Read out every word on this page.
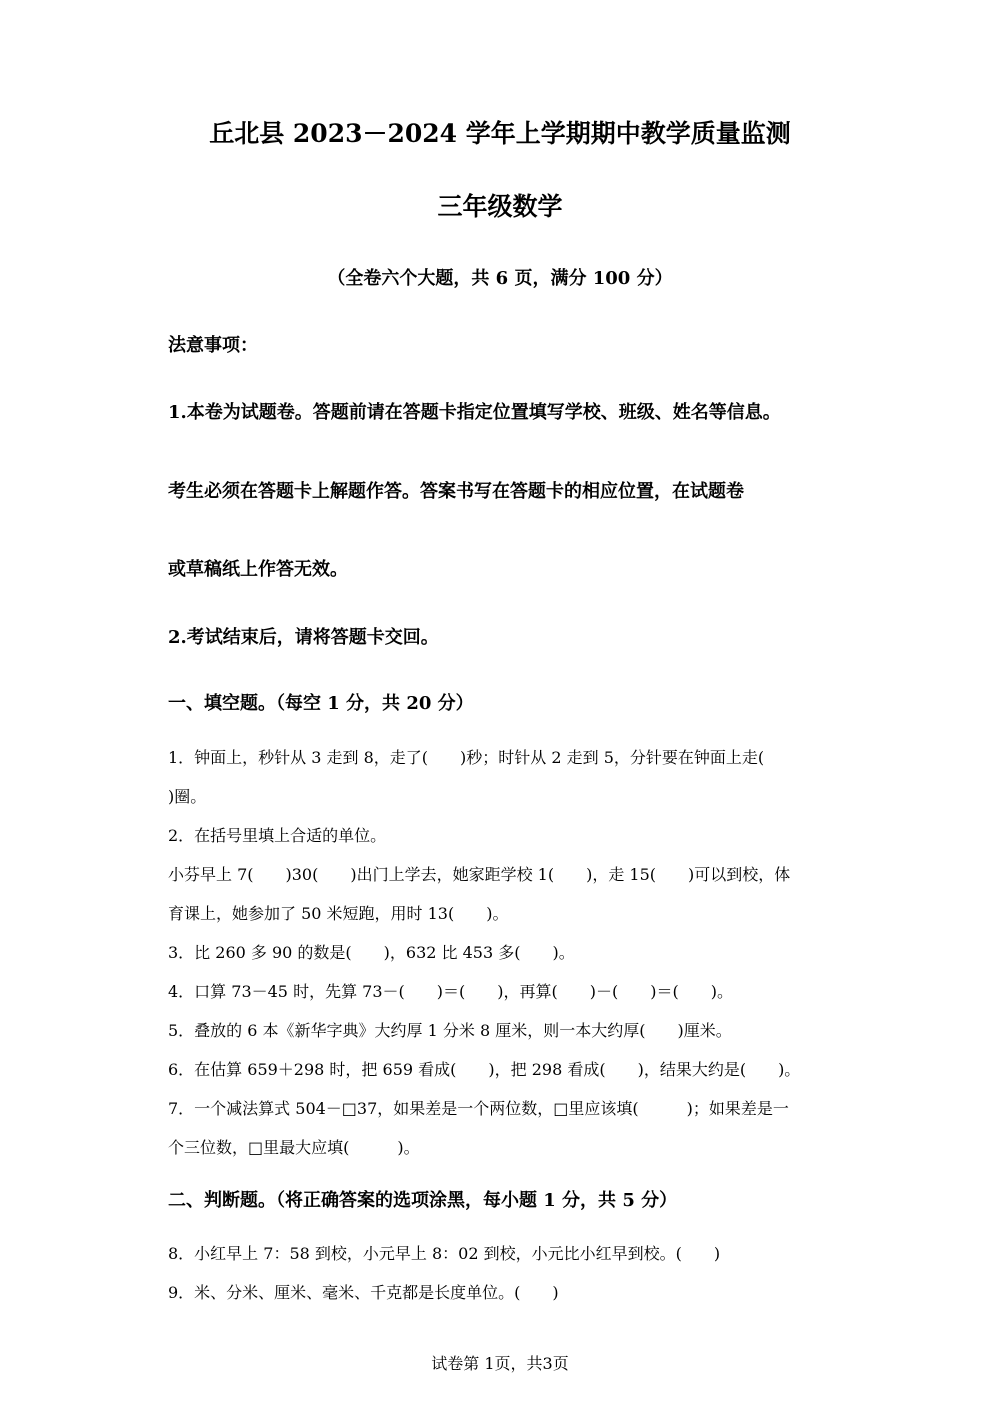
丘北县 2023－2024 学年上学期期中教学质量监测
三年级数学
（全卷六个大题，共 6 页，满分 100 分）
法意事项：
1.本卷为试题卷。答题前请在答题卡指定位置填写学校、班级、姓名等信息。
考生必须在答题卡上解题作答。答案书写在答题卡的相应位置，在试题卷
或草稿纸上作答无效。
2.考试结束后，请将答题卡交回。
一、填空题。（每空 1 分，共 20 分）
1．钟面上，秒针从 3 走到 8，走了(　　)秒；时针从 2 走到 5，分针要在钟面上走(
)圈。
2．在括号里填上合适的单位。
小芬早上 7(　　)30(　　)出门上学去，她家距学校 1(　　)，走 15(　　)可以到校，体
育课上，她参加了 50 米短跑，用时 13(　　)。
3．比 260 多 90 的数是(　　)，632 比 453 多(　　)。
4．口算 73－45 时，先算 73－(　　)＝(　　)，再算(　　)－(　　)＝(　　)。
5．叠放的 6 本《新华字典》大约厚 1 分米 8 厘米，则一本大约厚(　　)厘米。
6．在估算 659＋298 时，把 659 看成(　　)，把 298 看成(　　)，结果大约是(　　)。
7．一个减法算式 504－□37，如果差是一个两位数，□里应该填(　　　)；如果差是一
个三位数，□里最大应填(　　　)。
二、判断题。（将正确答案的选项涂黑，每小题 1 分，共 5 分）
8．小红早上 7：58 到校，小元早上 8：02 到校，小元比小红早到校。(　　)
9．米、分米、厘米、毫米、千克都是长度单位。(　　)
试卷第 1页，共3页
